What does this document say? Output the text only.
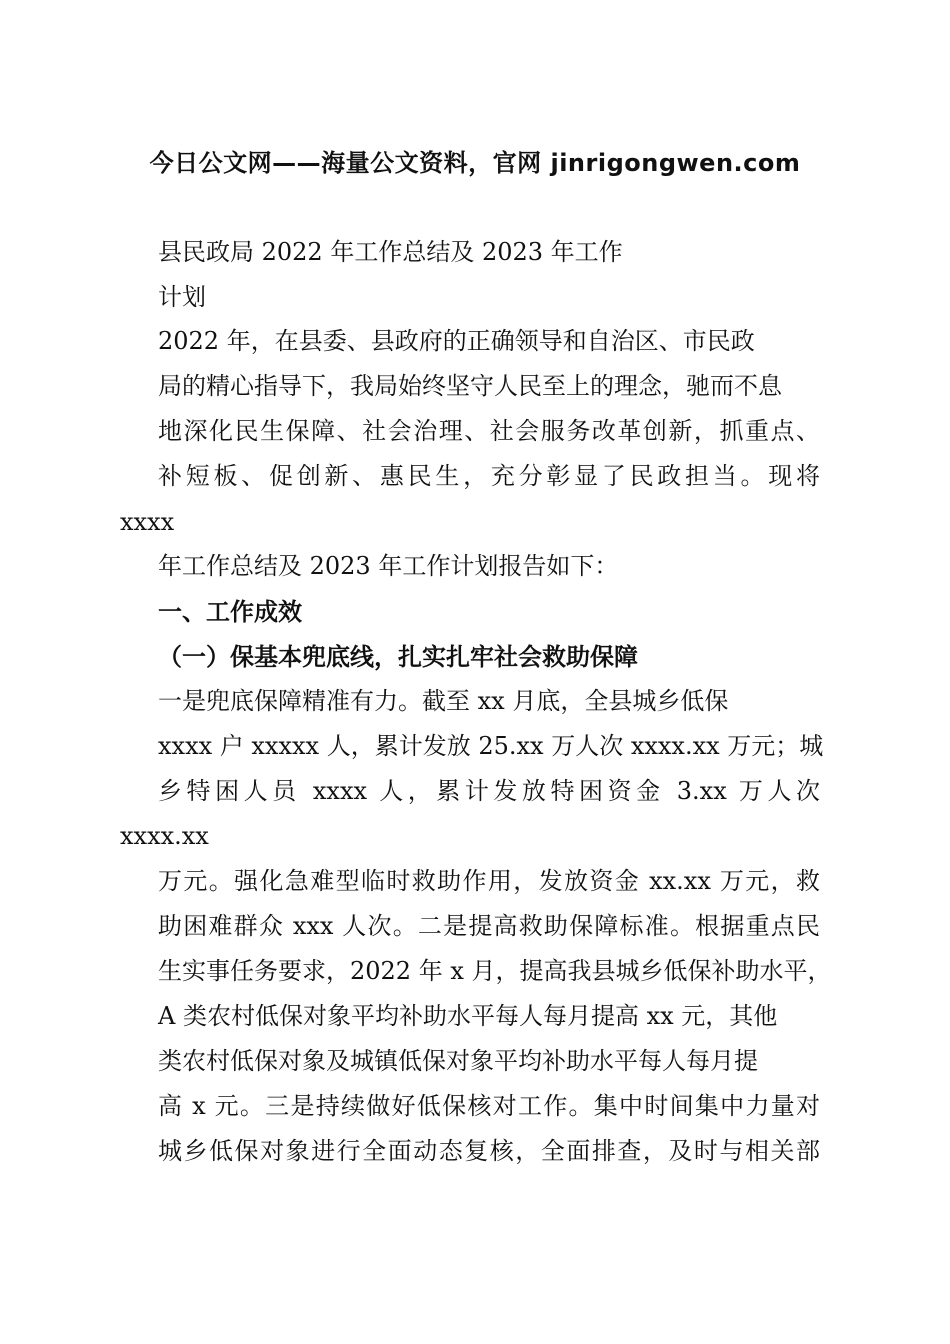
今日公文网——海量公文资料，官网 jinrigongwen.com
县民政局 2022 年工作总结及 2023 年工作
计划
2022 年，在县委、县政府的正确领导和自治区、市民政
局的精心指导下，我局始终坚守人民至上的理念，驰而不息
地深化民生保障、社会治理、社会服务改革创新，抓重点、
补短板、促创新、惠民生，充分彰显了民政担当。现将
xxxx
年工作总结及 2023 年工作计划报告如下：
一、工作成效
（一）保基本兜底线，扎实扎牢社会救助保障
一是兜底保障精准有力。截至 xx 月底，全县城乡低保
xxxx 户 xxxxx 人，累计发放 25.xx 万人次 xxxx.xx 万元；城
乡特困人员 xxxx 人，累计发放特困资金 3.xx 万人次
xxxx.xx
万元。强化急难型临时救助作用，发放资金 xx.xx 万元，救
助困难群众 xxx 人次。二是提高救助保障标准。根据重点民
生实事任务要求，2022 年 x 月，提高我县城乡低保补助水平，
A 类农村低保对象平均补助水平每人每月提高 xx 元，其他
类农村低保对象及城镇低保对象平均补助水平每人每月提
高 x 元。三是持续做好低保核对工作。集中时间集中力量对
城乡低保对象进行全面动态复核，全面排查，及时与相关部
